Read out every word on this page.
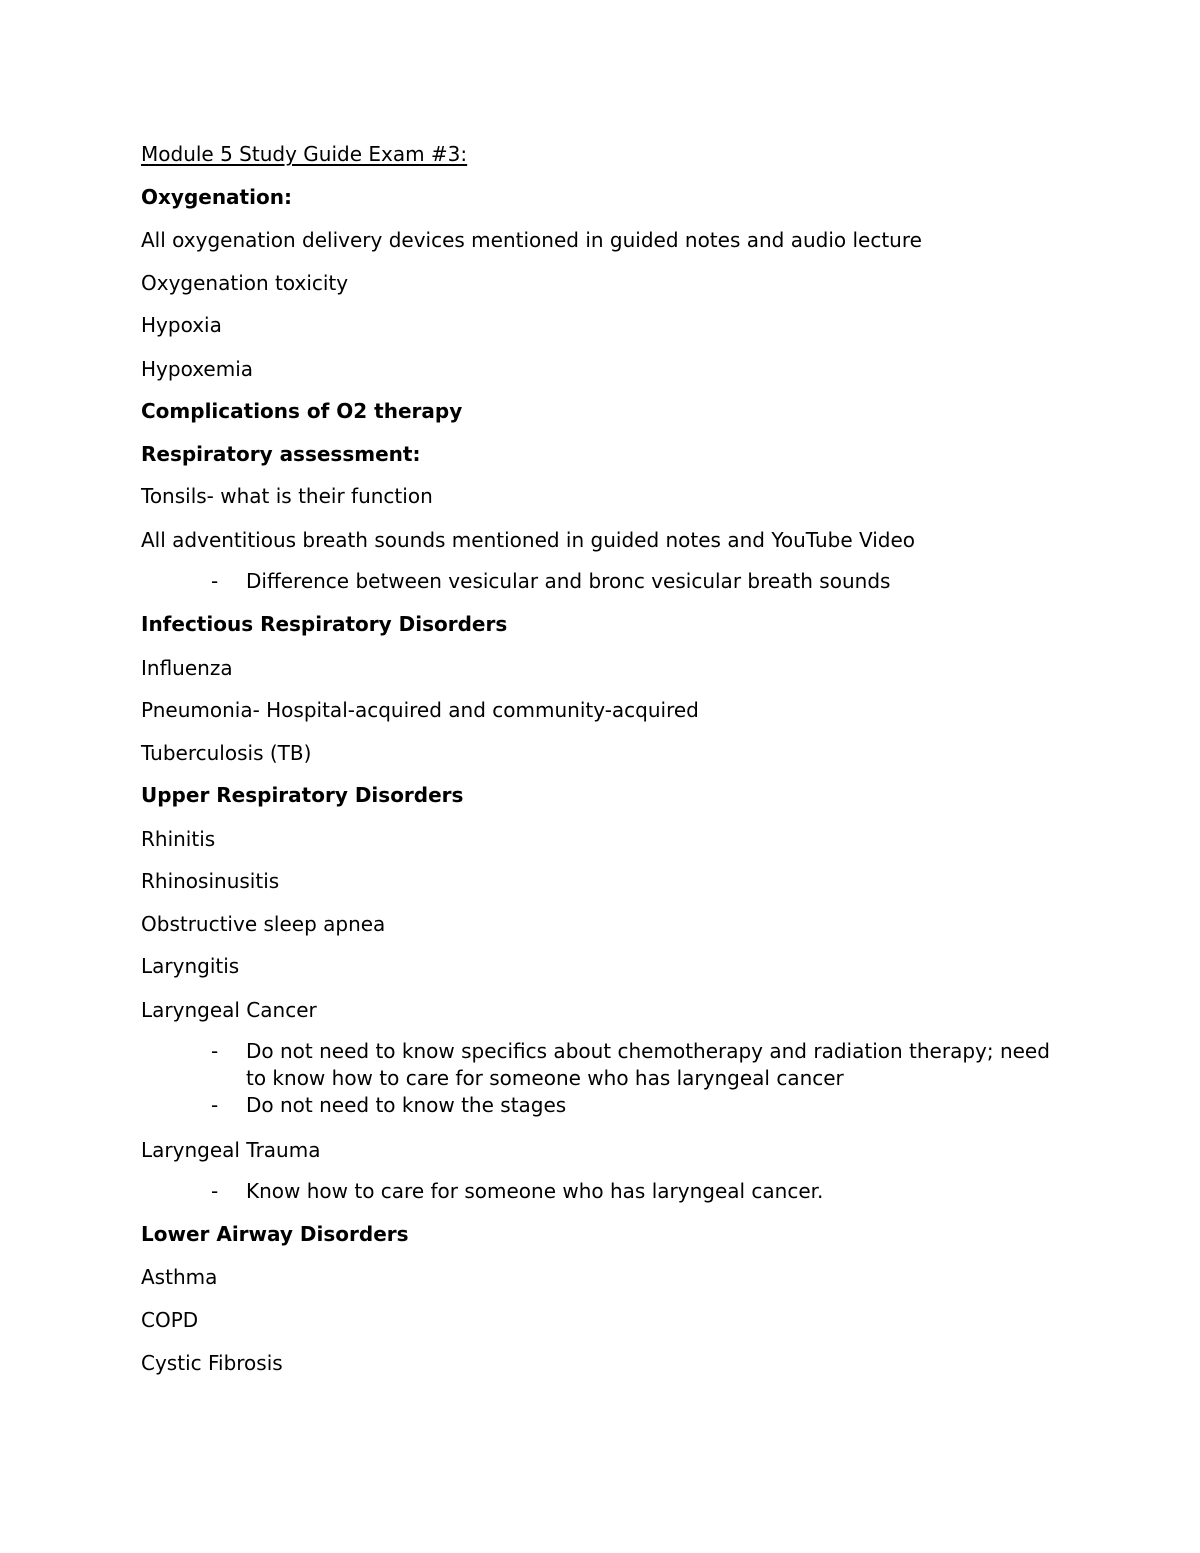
Module 5 Study Guide Exam #3:

Oxygenation:

All oxygenation delivery devices mentioned in guided notes and audio lecture

Oxygenation toxicity

Hypoxia

Hypoxemia

Complications of O2 therapy

Respiratory assessment:

Tonsils- what is their function

All adventitious breath sounds mentioned in guided notes and YouTube Video

-	Difference between vesicular and bronc vesicular breath sounds

Infectious Respiratory Disorders

Influenza

Pneumonia- Hospital-acquired and community-acquired

Tuberculosis (TB)

Upper Respiratory Disorders

Rhinitis

Rhinosinusitis

Obstructive sleep apnea

Laryngitis

Laryngeal Cancer

-	Do not need to know specifics about chemotherapy and radiation therapy; need to know how to care for someone who has laryngeal cancer
-	Do not need to know the stages

Laryngeal Trauma

-	Know how to care for someone who has laryngeal cancer.

Lower Airway Disorders

Asthma

COPD

Cystic Fibrosis
